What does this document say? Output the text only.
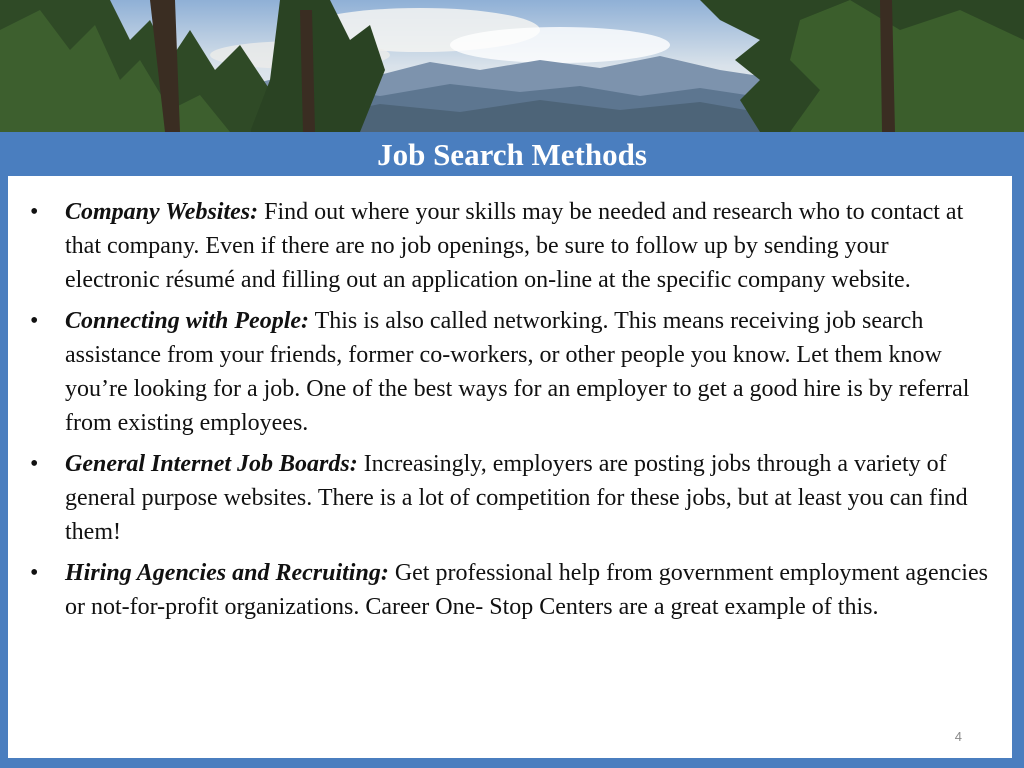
Job Search Methods
• Company Websites: Find out where your skills may be needed and research who to contact at that company. Even if there are no job openings, be sure to follow up by sending your electronic résumé and filling out an application on-line at the specific company website.
• Connecting with People: This is also called networking. This means receiving job search assistance from your friends, former co-workers, or other people you know. Let them know you’re looking for a job. One of the best ways for an employer to get a good hire is by referral from existing employees.
• General Internet Job Boards: Increasingly, employers are posting jobs through a variety of general purpose websites. There is a lot of competition for these jobs, but at least you can find them!
• Hiring Agencies and Recruiting: Get professional help from government employment agencies or not-for-profit organizations. Career One- Stop Centers are a great example of this.
4
